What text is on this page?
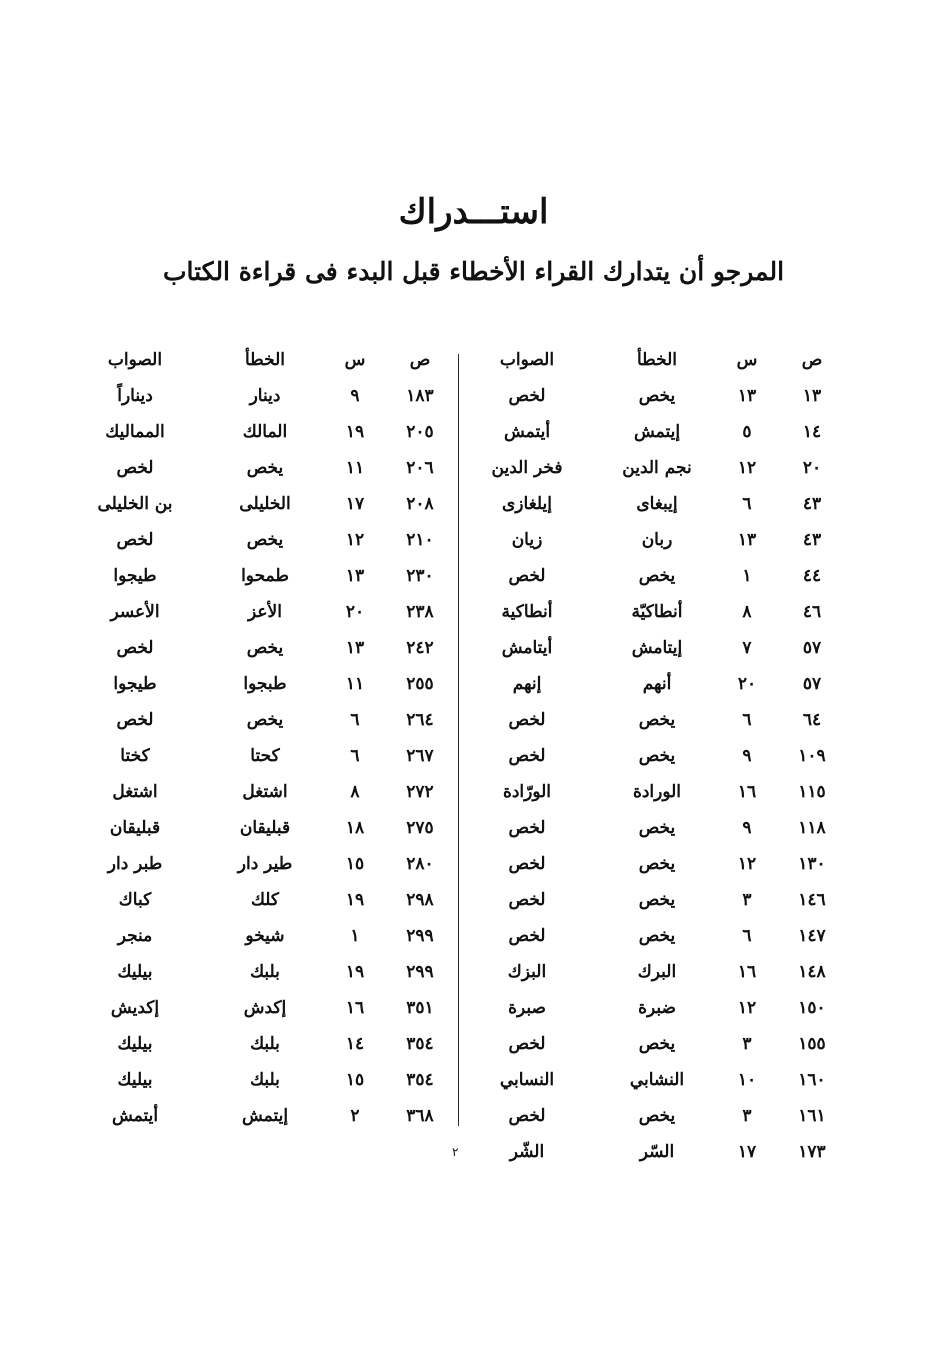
استـــدراك
المرجو أن يتدارك القراء الأخطاء قبل البدء فى قراءة الكتاب
ص
س
الخطأ
الصواب
١٣
١٣
يخص
لخص
١٤
٥
إيتمش
أيتمش
٢٠
١٢
نجم الدين
فخر الدين
٤٣
٦
إيبغاى
إيلغازى
٤٣
١٣
ربان
زيان
٤٤
١
يخص
لخص
٤٦
٨
أنطاكيّة
أنطاكية
٥٧
٧
إيتامش
أيتامش
٥٧
٢٠
أنهم
إنهم
٦٤
٦
يخص
لخص
١٠٩
٩
يخص
لخص
١١٥
١٦
الورادة
الورّادة
١١٨
٩
يخص
لخص
١٣٠
١٢
يخص
لخص
١٤٦
٣
يخص
لخص
١٤٧
٦
يخص
لخص
١٤٨
١٦
البرك
البزك
١٥٠
١٢
ضبرة
صبرة
١٥٥
٣
يخص
لخص
١٦٠
١٠
النشابي
النسابي
١٦١
٣
يخص
لخص
١٧٣
١٧
السّر
الشّر
ص
س
الخطأ
الصواب
١٨٣
٩
دينار
ديناراً
٢٠٥
١٩
المالك
المماليك
٢٠٦
١١
يخص
لخص
٢٠٨
١٧
الخليلى
بن الخليلى
٢١٠
١٢
يخص
لخص
٢٣٠
١٣
طمحوا
طيجوا
٢٣٨
٢٠
الأعز
الأعسر
٢٤٢
١٣
يخص
لخص
٢٥٥
١١
طبجوا
طيجوا
٢٦٤
٦
يخص
لخص
٢٦٧
٦
كحتا
كختا
٢٧٢
٨
اشتغل
اشتغل
٢٧٥
١٨
قبليقان
قبليقان
٢٨٠
١٥
طير دار
طبر دار
٢٩٨
١٩
كلك
كباك
٢٩٩
١
شيخو
منجر
٢٩٩
١٩
بلبك
بيليك
٣٥١
١٦
إكدش
إكديش
٣٥٤
١٤
بلبك
بيليك
٣٥٤
١٥
بلبك
بيليك
٣٦٨
٢
إيتمش
أيتمش
٢
